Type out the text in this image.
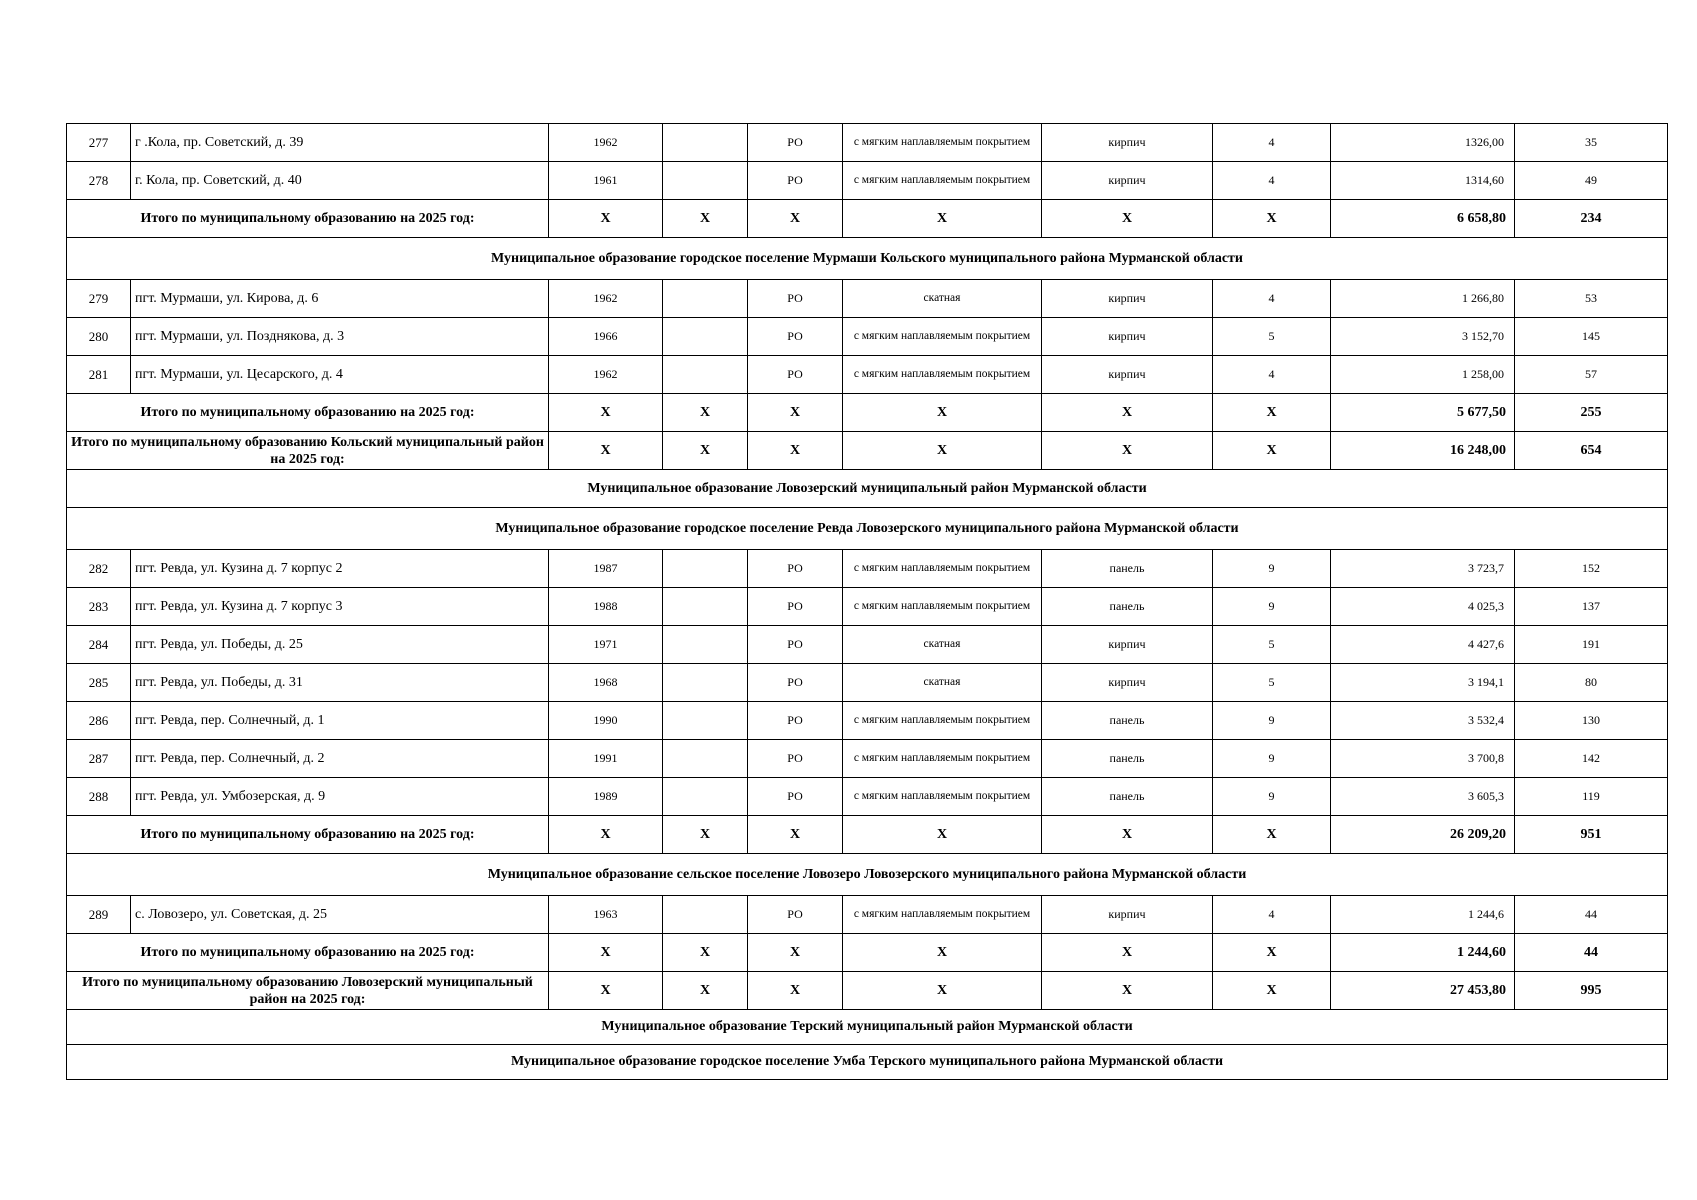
277	г .Кола, пр. Советский, д. 39	1962		РО	с мягким наплавляемым покрытием	кирпич	4	1326,00	35
278	г. Кола, пр. Советский, д. 40	1961		РО	с мягким наплавляемым покрытием	кирпич	4	1314,60	49
Итого по муниципальному образованию на 2025 год:		X	X	X	X	X	X	6 658,80	234
Муниципальное образование городское поселение Мурмаши Кольского муниципального района Мурманской области									
279	пгт. Мурмаши, ул. Кирова, д. 6	1962		РО	скатная	кирпич	4	1 266,80	53
280	пгт. Мурмаши, ул. Позднякова, д. 3	1966		РО	с мягким наплавляемым покрытием	кирпич	5	3 152,70	145
281	пгт. Мурмаши, ул. Цесарского, д. 4	1962		РО	с мягким наплавляемым покрытием	кирпич	4	1 258,00	57
Итого по муниципальному образованию на 2025 год:		X	X	X	X	X	X	5 677,50	255
Итого по муниципальному образованию Кольский муниципальный район на 2025 год:		X	X	X	X	X	X	16 248,00	654
Муниципальное образование Ловозерский муниципальный район Мурманской области									
Муниципальное образование городское поселение Ревда Ловозерского муниципального района Мурманской области									
282	пгт. Ревда, ул. Кузина д. 7 корпус 2	1987		РО	с мягким наплавляемым покрытием	панель	9	3 723,7	152
283	пгт. Ревда, ул. Кузина д. 7 корпус 3	1988		РО	с мягким наплавляемым покрытием	панель	9	4 025,3	137
284	пгт. Ревда, ул. Победы, д. 25	1971		РО	скатная	кирпич	5	4 427,6	191
285	пгт. Ревда, ул. Победы, д. 31	1968		РО	скатная	кирпич	5	3 194,1	80
286	пгт. Ревда, пер. Солнечный, д. 1	1990		РО	с мягким наплавляемым покрытием	панель	9	3 532,4	130
287	пгт. Ревда, пер. Солнечный, д. 2	1991		РО	с мягким наплавляемым покрытием	панель	9	3 700,8	142
288	пгт. Ревда, ул. Умбозерская, д. 9	1989		РО	с мягким наплавляемым покрытием	панель	9	3 605,3	119
Итого по муниципальному образованию на 2025 год:		X	X	X	X	X	X	26 209,20	951
Муниципальное образование сельское поселение Ловозеро Ловозерского муниципального района Мурманской области									
289	с. Ловозеро, ул. Советская, д. 25	1963		РО	с мягким наплавляемым покрытием	кирпич	4	1 244,6	44
Итого по муниципальному образованию на 2025 год:		X	X	X	X	X	X	1 244,60	44
Итого по муниципальному образованию Ловозерский муниципальный район на 2025 год:		X	X	X	X	X	X	27 453,80	995
Муниципальное образование Терский муниципальный район Мурманской области									
Муниципальное образование городское поселение Умба Терского муниципального района Мурманской области									
